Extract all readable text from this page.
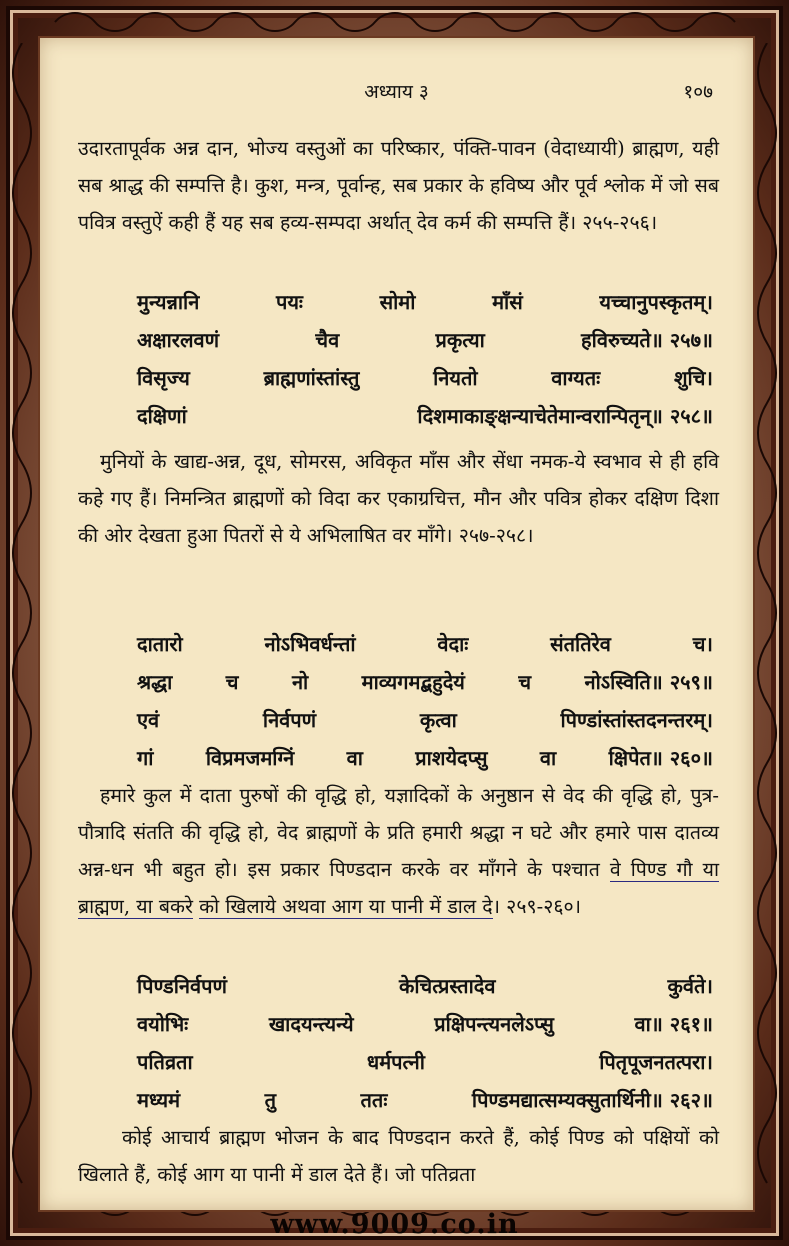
अध्याय ३	१०७
उदारतापूर्वक अन्न दान, भोज्य वस्तुओं का परिष्कार, पंक्ति-पावन (वेदाध्यायी) ब्राह्मण, यही सब श्राद्ध की सम्पत्ति है। कुश, मन्त्र, पूर्वान्ह, सब प्रकार के हविष्य और पूर्व श्लोक में जो सब पवित्र वस्तुऐं कही हैं यह सब हव्य-सम्पदा अर्थात् देव कर्म की सम्पत्ति हैं। २५५-२५६।
मुन्यन्नानि	पयः	सोमो	माँसं	यच्चानुपस्कृतम्।
अक्षारलवणं	चैव	प्रकृत्या	हविरुच्यते॥ २५७॥
विसृज्य	ब्राह्मणांस्तांस्तु	नियतो	वाग्यतः	शुचि।
दक्षिणां	दिशमाकाङ्क्षन्याचेतेमान्वरान्पितृन्॥ २५८॥
मुनियों के खाद्य-अन्न, दूध, सोमरस, अविकृत माँस और सेंधा नमक-ये स्वभाव से ही हवि कहे गए हैं। निमन्त्रित ब्राह्मणों को विदा कर एकाग्रचित्त, मौन और पवित्र होकर दक्षिण दिशा की ओर देखता हुआ पितरों से ये अभिलाषित वर माँगे। २५७-२५८।
दातारो	नोऽभिवर्धन्तां	वेदाः	संततिरेव	च।
श्रद्धा	च	नो	माव्यगमद्बहुदेयं	च	नोऽस्विति॥ २५९॥
एवं	निर्वपणं	कृत्वा	पिण्डांस्तांस्तदनन्तरम्।
गां	विप्रमजमग्निं	वा	प्राशयेदप्सु	वा	क्षिपेत॥ २६०॥
हमारे कुल में दाता पुरुषों की वृद्धि हो, यज्ञादिकों के अनुष्ठान से वेद की वृद्धि हो, पुत्र-पौत्रादि संतति की वृद्धि हो, वेद ब्राह्मणों के प्रति हमारी श्रद्धा न घटे और हमारे पास दातव्य अन्न-धन भी बहुत हो। इस प्रकार पिण्डदान करके वर माँगने के पश्चात वे पिण्ड गौ या ब्राह्मण, या बकरे को खिलाये अथवा आग या पानी में डाल दे। २५९-२६०।
पिण्डनिर्वपणं	केचित्प्रस्तादेव	कुर्वते।
वयोभिः	खादयन्त्यन्ये	प्रक्षिपन्त्यनलेऽप्सु	वा॥ २६१॥
पतिव्रता	धर्मपत्नी	पितृपूजनतत्परा।
मध्यमं	तु	ततः	पिण्डमद्यात्सम्यक्सुतार्थिनी॥ २६२॥
कोई आचार्य ब्राह्मण भोजन के बाद पिण्डदान करते हैं, कोई पिण्ड को पक्षियों को खिलाते हैं, कोई आग या पानी में डाल देते हैं। जो पतिव्रता
www.9009.co.in
